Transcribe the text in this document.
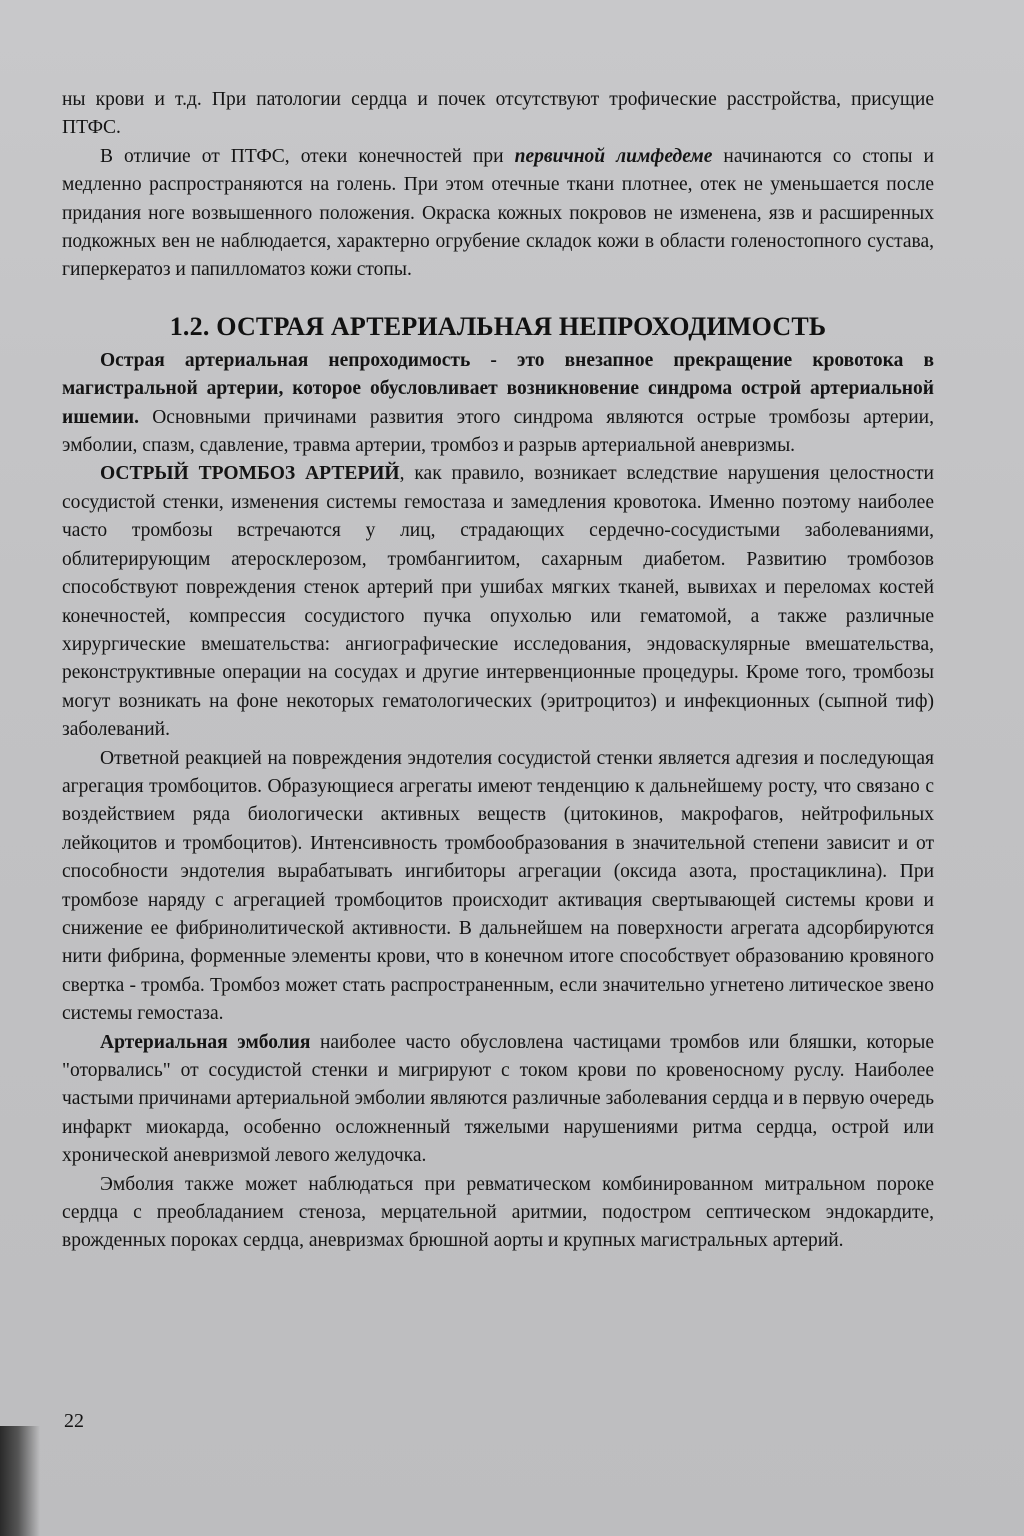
ны крови и т.д. При патологии сердца и почек отсутствуют трофические расстройства, присущие ПТФС.

В отличие от ПТФС, отеки конечностей при первичной лимфедеме начинаются со стопы и медленно распространяются на голень. При этом отечные ткани плотнее, отек не уменьшается после придания ноге возвышенного положения. Окраска кожных покровов не изменена, язв и расширенных подкожных вен не наблюдается, характерно огрубение складок кожи в области голеностопного сустава, гиперкератоз и папилломатоз кожи стопы.

1.2. ОСТРАЯ АРТЕРИАЛЬНАЯ НЕПРОХОДИМОСТЬ

Острая артериальная непроходимость - это внезапное прекращение кровотока в магистральной артерии, которое обусловливает возникновение синдрома острой артериальной ишемии. Основными причинами развития этого синдрома являются острые тромбозы артерии, эмболии, спазм, сдавление, травма артерии, тромбоз и разрыв артериальной аневризмы.

ОСТРЫЙ ТРОМБОЗ АРТЕРИЙ, как правило, возникает вследствие нарушения целостности сосудистой стенки, изменения системы гемостаза и замедления кровотока. Именно поэтому наиболее часто тромбозы встречаются у лиц, страдающих сердечно-сосудистыми заболеваниями, облитерирующим атеросклерозом, тромбангиитом, сахарным диабетом. Развитию тромбозов способствуют повреждения стенок артерий при ушибах мягких тканей, вывихах и переломах костей конечностей, компрессия сосудистого пучка опухолью или гематомой, а также различные хирургические вмешательства: ангиографические исследования, эндоваскулярные вмешательства, реконструктивные операции на сосудах и другие интервенционные процедуры. Кроме того, тромбозы могут возникать на фоне некоторых гематологических (эритроцитоз) и инфекционных (сыпной тиф) заболеваний.

Ответной реакцией на повреждения эндотелия сосудистой стенки является адгезия и последующая агрегация тромбоцитов. Образующиеся агрегаты имеют тенденцию к дальнейшему росту, что связано с воздействием ряда биологически активных веществ (цитокинов, макрофагов, нейтрофильных лейкоцитов и тромбоцитов). Интенсивность тромбообразования в значительной степени зависит и от способности эндотелия вырабатывать ингибиторы агрегации (оксида азота, простациклина). При тромбозе наряду с агрегацией тромбоцитов происходит активация свертывающей системы крови и снижение ее фибринолитической активности. В дальнейшем на поверхности агрегата адсорбируются нити фибрина, форменные элементы крови, что в конечном итоге способствует образованию кровяного свертка - тромба. Тромбоз может стать распространенным, если значительно угнетено литическое звено системы гемостаза.

Артериальная эмболия наиболее часто обусловлена частицами тромбов или бляшки, которые "оторвались" от сосудистой стенки и мигрируют с током крови по кровеносному руслу. Наиболее частыми причинами артериальной эмболии являются различные заболевания сердца и в первую очередь инфаркт миокарда, особенно осложненный тяжелыми нарушениями ритма сердца, острой или хронической аневризмой левого желудочка.

Эмболия также может наблюдаться при ревматическом комбинированном митральном пороке сердца с преобладанием стеноза, мерцательной аритмии, подостром септическом эндокардите, врожденных пороках сердца, аневризмах брюшной аорты и крупных магистральных артерий.

22
